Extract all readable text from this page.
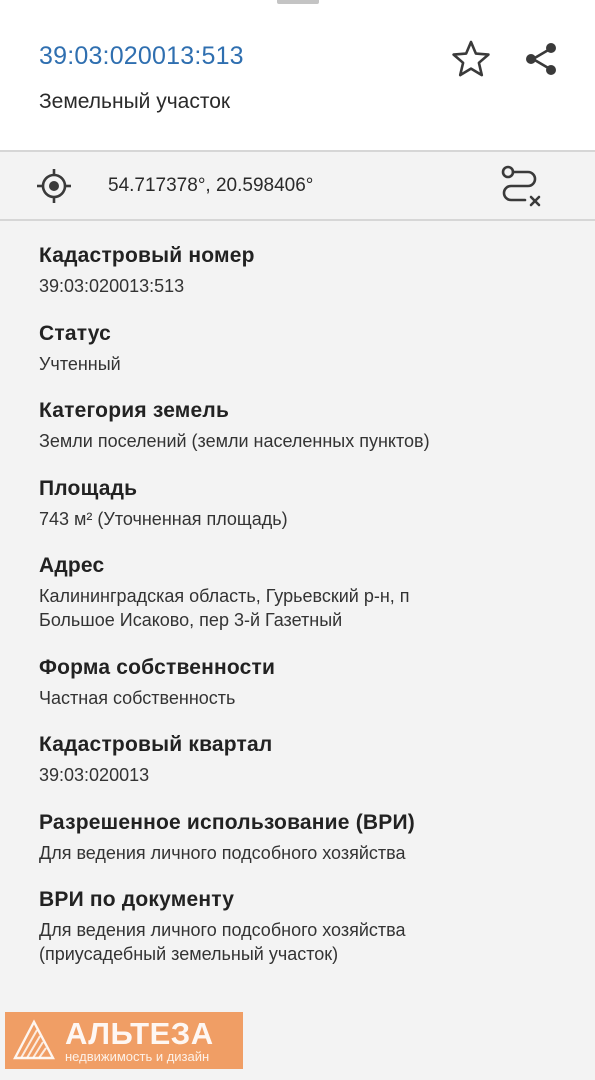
39:03:020013:513
Земельный участок
54.717378°, 20.598406°
Кадастровый номер
39:03:020013:513
Статус
Учтенный
Категория земель
Земли поселений (земли населенных пунктов)
Площадь
743 м² (Уточненная площадь)
Адрес
Калининградская область, Гурьевский р-н, п
Большое Исаково, пер 3-й Газетный
Форма собственности
Частная собственность
Кадастровый квартал
39:03:020013
Разрешенное использование (ВРИ)
Для ведения личного подсобного хозяйства
ВРИ по документу
Для ведения личного подсобного хозяйства
(приусадебный земельный участок)
АЛЬТЕЗА
недвижимость и дизайн
